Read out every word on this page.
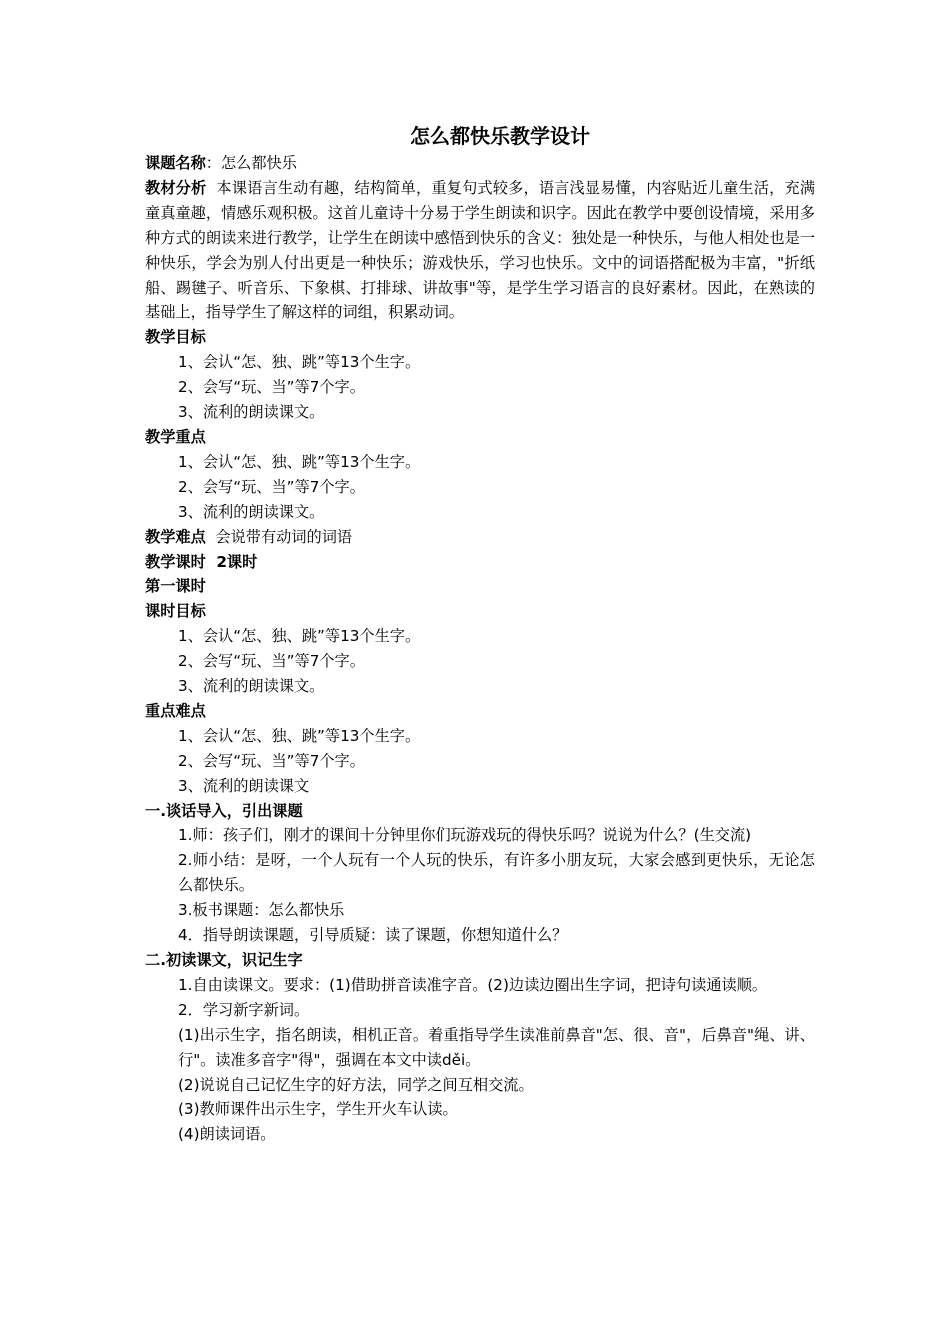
怎么都快乐教学设计

课题名称：怎么都快乐

教材分析 本课语言生动有趣，结构简单，重复句式较多，语言浅显易懂，内容贴近儿童生活，充满童真童趣，情感乐观积极。这首儿童诗十分易于学生朗读和识字。因此在教学中要创设情境，采用多种方式的朗读来进行教学，让学生在朗读中感悟到快乐的含义：独处是一种快乐，与他人相处也是一种快乐，学会为别人付出更是一种快乐；游戏快乐，学习也快乐。文中的词语搭配极为丰富，"折纸船、踢毽子、听音乐、下象棋、打排球、讲故事"等，是学生学习语言的良好素材。因此，在熟读的基础上，指导学生了解这样的词组，积累动词。

教学目标

1、会认“怎、独、跳”等13个生字。

2、会写“玩、当”等7个字。

3、流利的朗读课文。

教学重点

1、会认“怎、独、跳”等13个生字。

2、会写“玩、当”等7个字。

3、流利的朗读课文。

教学难点 会说带有动词的词语

教学课时 2课时

第一课时

课时目标

1、会认“怎、独、跳”等13个生字。

2、会写“玩、当”等7个字。

3、流利的朗读课文。

重点难点

1、会认“怎、独、跳”等13个生字。

2、会写“玩、当”等7个字。

3、流利的朗读课文

一.谈话导入，引出课题

1.师：孩子们，刚才的课间十分钟里你们玩游戏玩的得快乐吗？说说为什么？(生交流)

2.师小结：是呀，一个人玩有一个人玩的快乐，有许多小朋友玩，大家会感到更快乐，无论怎么都快乐。

3.板书课题：怎么都快乐

4．指导朗读课题，引导质疑：读了课题，你想知道什么？

二.初读课文，识记生字

1.自由读课文。要求：(1)借助拼音读准字音。(2)边读边圈出生字词，把诗句读通读顺。

2．学习新字新词。

(1)出示生字，指名朗读，相机正音。着重指导学生读准前鼻音"怎、很、音"，后鼻音"绳、讲、行"。读准多音字"得"，强调在本文中读děi。

(2)说说自己记忆生字的好方法，同学之间互相交流。

(3)教师课件出示生字，学生开火车认读。

(4)朗读词语。
